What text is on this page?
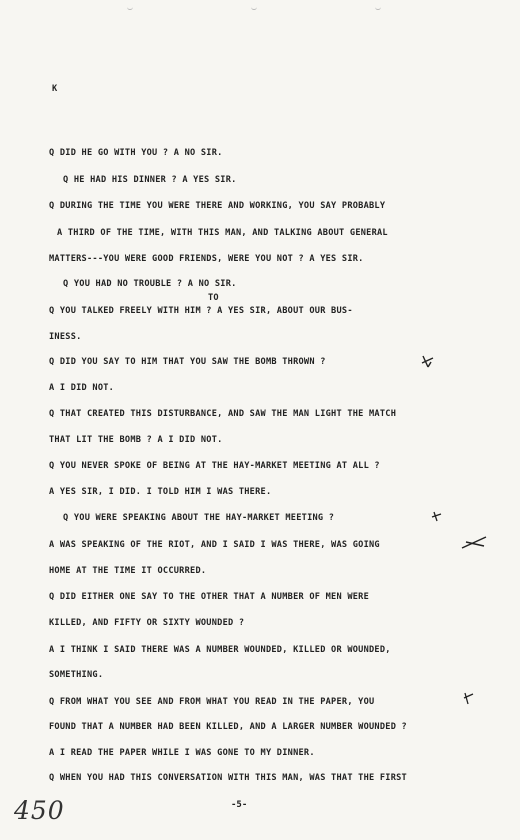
K
Q DID HE GO WITH YOU ? A NO SIR.
Q HE HAD HIS DINNER ? A YES SIR.
Q DURING THE TIME YOU WERE THERE AND WORKING, YOU SAY PROBABLY
A THIRD OF THE TIME, WITH THIS MAN, AND TALKING ABOUT GENERAL
MATTERS---YOU WERE GOOD FRIENDS, WERE YOU NOT ? A YES SIR.
Q YOU HAD NO TROUBLE ? A NO SIR.
TO
Q YOU TALKED FREELY WITH HIM ? A YES SIR, ABOUT OUR BUS-
INESS.
Q DID YOU SAY TO HIM THAT YOU SAW THE BOMB THROWN ?
A I DID NOT.
Q THAT CREATED THIS DISTURBANCE, AND SAW THE MAN LIGHT THE MATCH
THAT LIT THE BOMB ? A I DID NOT.
Q YOU NEVER SPOKE OF BEING AT THE HAY-MARKET MEETING AT ALL ?
A YES SIR, I DID. I TOLD HIM I WAS THERE.
Q YOU WERE SPEAKING ABOUT THE HAY-MARKET MEETING ?
A WAS SPEAKING OF THE RIOT, AND I SAID I WAS THERE, WAS GOING
HOME AT THE TIME IT OCCURRED.
Q DID EITHER ONE SAY TO THE OTHER THAT A NUMBER OF MEN WERE
KILLED, AND FIFTY OR SIXTY WOUNDED ?
A I THINK I SAID THERE WAS A NUMBER WOUNDED, KILLED OR WOUNDED,
SOMETHING.
Q FROM WHAT YOU SEE AND FROM WHAT YOU READ IN THE PAPER, YOU
FOUND THAT A NUMBER HAD BEEN KILLED, AND A LARGER NUMBER WOUNDED ?
A I READ THE PAPER WHILE I WAS GONE TO MY DINNER.
Q WHEN YOU HAD THIS CONVERSATION WITH THIS MAN, WAS THAT THE FIRST
-5-
450
